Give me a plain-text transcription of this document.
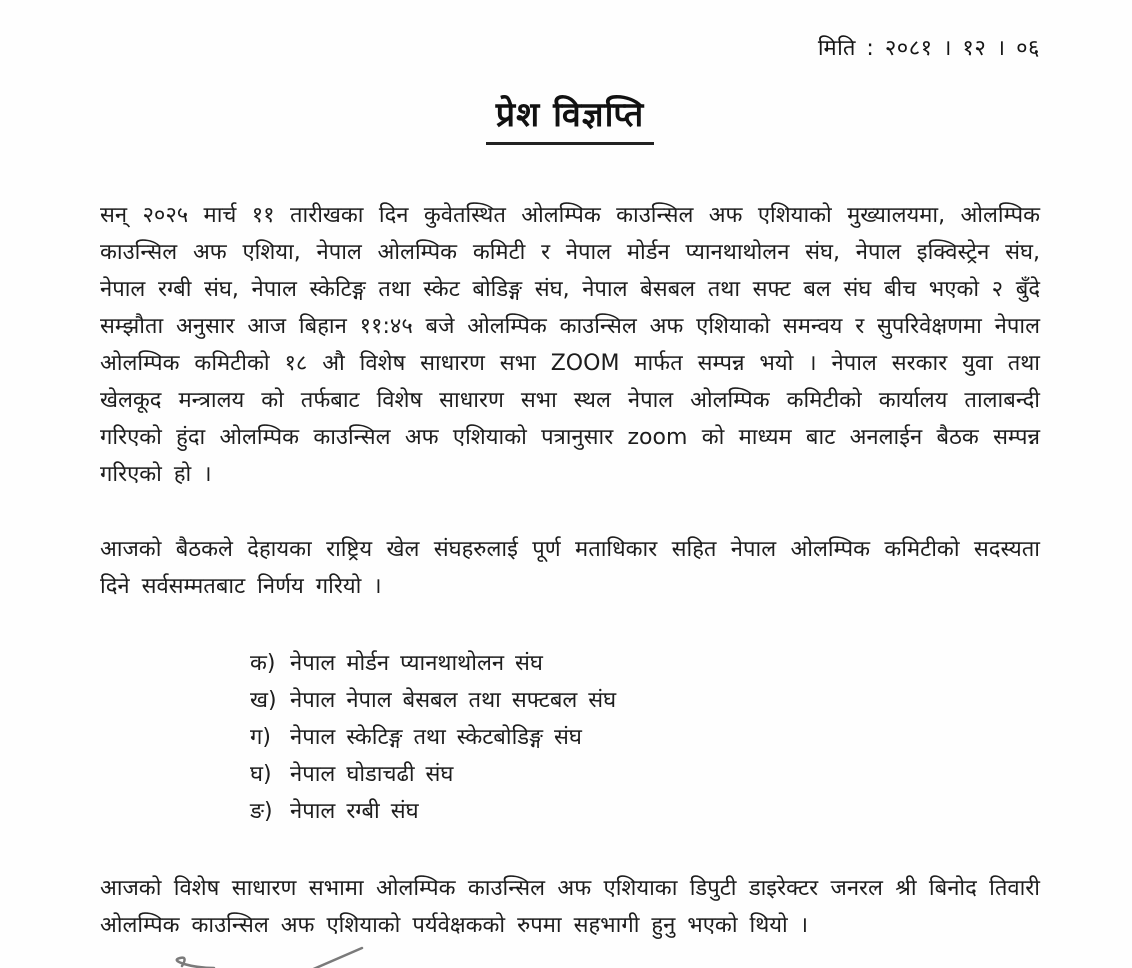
मिति : २०८१ । १२ । ०६
प्रेश विज्ञप्ति

सन् २०२५ मार्च ११ तारीखका दिन कुवेतस्थित ओलम्पिक काउन्सिल अफ एशियाको मुख्यालयमा, ओलम्पिक काउन्सिल अफ एशिया, नेपाल ओलम्पिक कमिटी र नेपाल मोर्डन प्यानथाथोलन संघ, नेपाल इक्विस्ट्रेन संघ, नेपाल रग्बी संघ, नेपाल स्केटिङ्ग तथा स्केट बोडिङ्ग संघ, नेपाल बेसबल तथा सफ्ट बल संघ बीच भएको २ बुँदे सम्झौता अनुसार आज बिहान ११:४५ बजे ओलम्पिक काउन्सिल अफ एशियाको समन्वय र सुपरिवेक्षणमा नेपाल ओलम्पिक कमिटीको १८ औ विशेष साधारण सभा ZOOM मार्फत सम्पन्न भयो । नेपाल सरकार युवा तथा खेलकूद मन्त्रालय को तर्फबाट विशेष साधारण सभा स्थल नेपाल ओलम्पिक कमिटीको कार्यालय तालाबन्दी गरिएको हुंदा ओलम्पिक काउन्सिल अफ एशियाको पत्रानुसार zoom को माध्यम बाट अनलाईन बैठक सम्पन्न गरिएको हो ।

आजको बैठकले देहायका राष्ट्रिय खेल संघहरुलाई पूर्ण मताधिकार सहित नेपाल ओलम्पिक कमिटीको सदस्यता दिने सर्वसम्मतबाट निर्णय गरियो ।

क) नेपाल मोर्डन प्यानथाथोलन संघ
ख) नेपाल नेपाल बेसबल तथा सफ्टबल संघ
ग) नेपाल स्केटिङ्ग तथा स्केटबोडिङ्ग संघ
घ) नेपाल घोडाचढी संघ
ङ) नेपाल रग्बी संघ

आजको विशेष साधारण सभामा ओलम्पिक काउन्सिल अफ एशियाका डिपुटी डाइरेक्टर जनरल श्री बिनोद तिवारी ओलम्पिक काउन्सिल अफ एशियाको पर्यवेक्षकको रुपमा सहभागी हुनु भएको थियो ।
